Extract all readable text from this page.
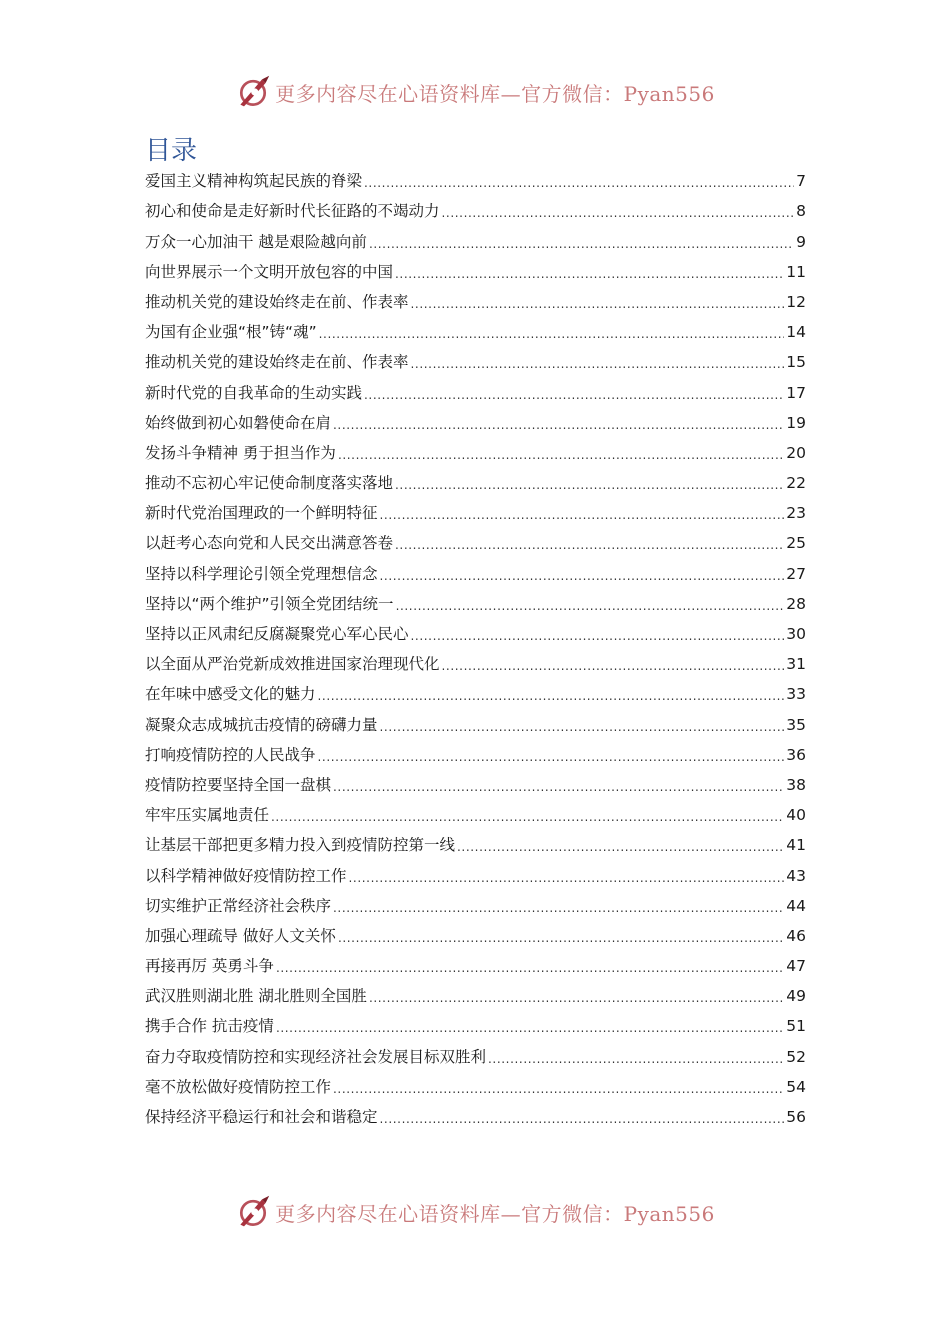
更多内容尽在心语资料库—官方微信：Pyan556
目录
爱国主义精神构筑起民族的脊梁 .....	7
初心和使命是走好新时代长征路的不竭动力 .....	8
万众一心加油干 越是艰险越向前 .....	9
向世界展示一个文明开放包容的中国 .....	11
推动机关党的建设始终走在前、作表率 .....	12
为国有企业强“根”铸“魂” .....	14
推动机关党的建设始终走在前、作表率 .....	15
新时代党的自我革命的生动实践 .....	17
始终做到初心如磐使命在肩 .....	19
发扬斗争精神 勇于担当作为 .....	20
推动不忘初心牢记使命制度落实落地 .....	22
新时代党治国理政的一个鲜明特征 .....	23
以赶考心态向党和人民交出满意答卷 .....	25
坚持以科学理论引领全党理想信念 .....	27
坚持以“两个维护”引领全党团结统一 .....	28
坚持以正风肃纪反腐凝聚党心军心民心 .....	30
以全面从严治党新成效推进国家治理现代化 .....	31
在年味中感受文化的魅力 .....	33
凝聚众志成城抗击疫情的磅礴力量 .....	35
打响疫情防控的人民战争 .....	36
疫情防控要坚持全国一盘棋 .....	38
牢牢压实属地责任 .....	40
让基层干部把更多精力投入到疫情防控第一线 .....	41
以科学精神做好疫情防控工作 .....	43
切实维护正常经济社会秩序 .....	44
加强心理疏导 做好人文关怀 .....	46
再接再厉 英勇斗争 .....	47
武汉胜则湖北胜 湖北胜则全国胜 .....	49
携手合作 抗击疫情 .....	51
奋力夺取疫情防控和实现经济社会发展目标双胜利 .....	52
毫不放松做好疫情防控工作 .....	54
保持经济平稳运行和社会和谐稳定 .....	56
更多内容尽在心语资料库—官方微信：Pyan556
